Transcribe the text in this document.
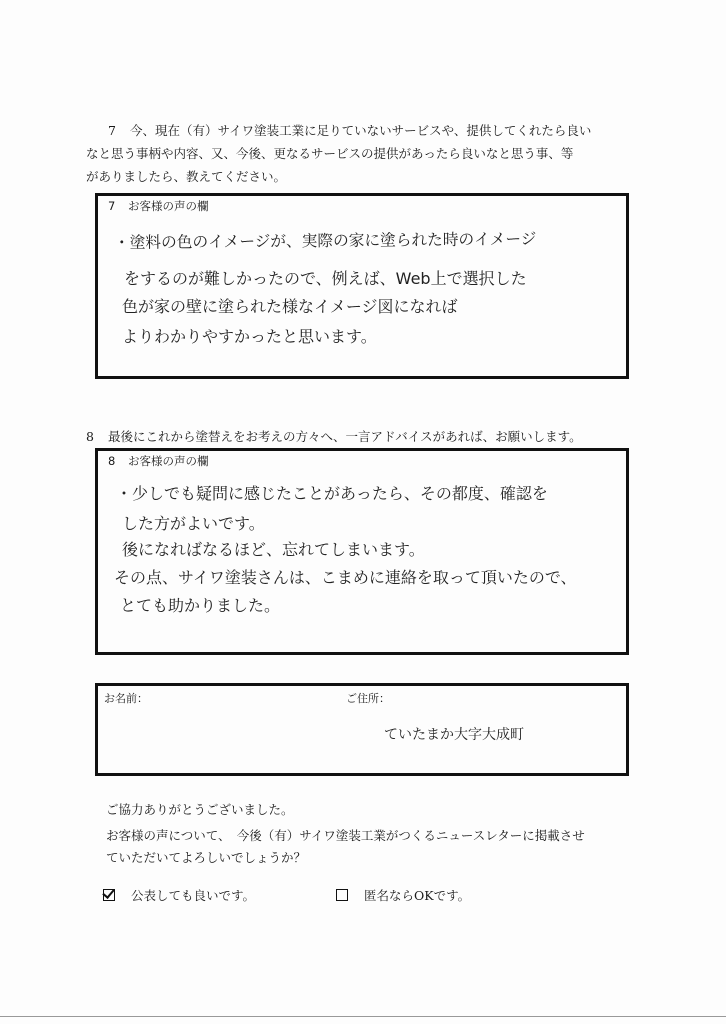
7 今、現在（有）サイワ塗装工業に足りていないサービスや、提供してくれたら良い
なと思う事柄や内容、又、今後、更なるサービスの提供があったら良いなと思う事、等
がありましたら、教えてください。
7 お客様の声の欄
・塗料の色のイメージが、実際の家に塗られた時のイメージ
をするのが難しかったので、例えば、Web上で選択した
色が家の壁に塗られた様なイメージ図になれば
よりわかりやすかったと思います。
8 最後にこれから塗替えをお考えの方々へ、一言アドバイスがあれば、お願いします。
8 お客様の声の欄
・少しでも疑問に感じたことがあったら、その都度、確認を
した方がよいです。
後になればなるほど、忘れてしまいます。
その点、サイワ塗装さんは、こまめに連絡を取って頂いたので、
とても助かりました。
お名前：	ご住所：
ていたまか大字大成町
ご協力ありがとうございました。
お客様の声について、　今後（有）サイワ塗装工業がつくるニュースレターに掲載させ
ていただいてよろしいでしょうか？
公表しても良いです。	匿名ならOKです。
